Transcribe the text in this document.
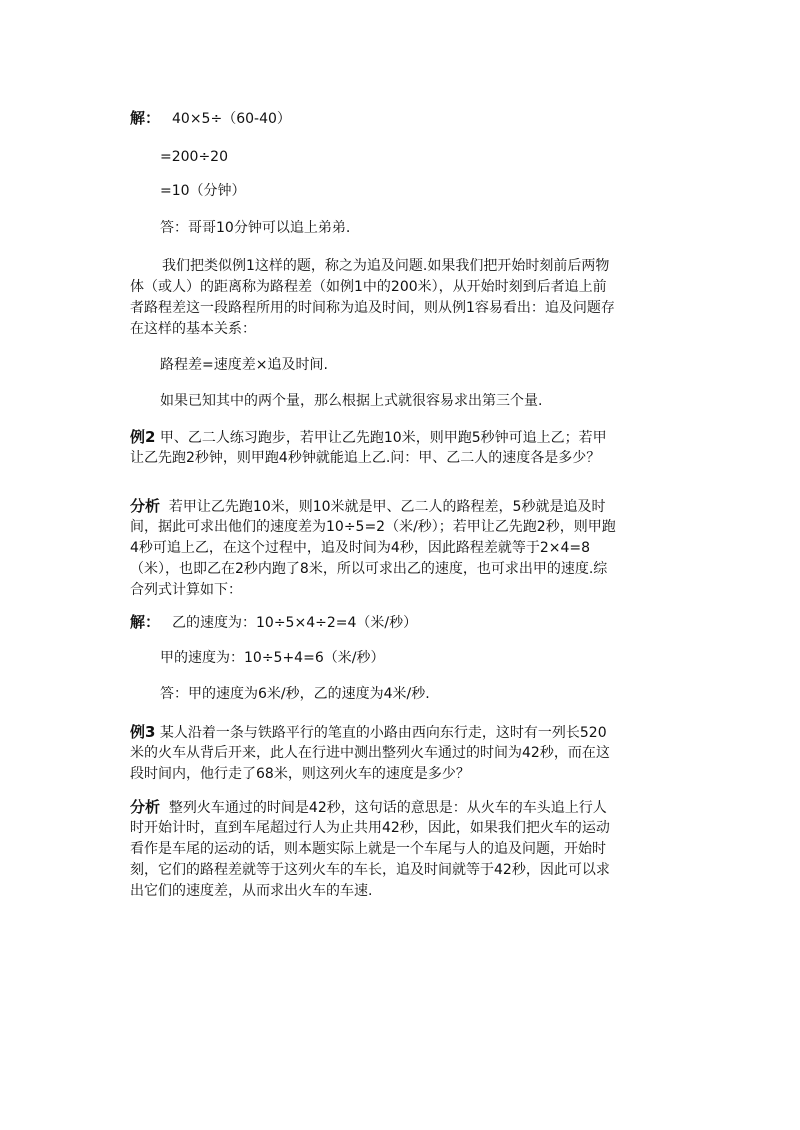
解： 40×5÷（60-40）
=200÷20
=10（分钟）
答：哥哥10分钟可以追上弟弟.
我们把类似例1这样的题，称之为追及问题.如果我们把开始时刻前后两物
体（或人）的距离称为路程差（如例1中的200米），从开始时刻到后者追上前
者路程差这一段路程所用的时间称为追及时间，则从例1容易看出：追及问题存
在这样的基本关系：
路程差=速度差×追及时间.
如果已知其中的两个量，那么根据上式就很容易求出第三个量.
例2 甲、乙二人练习跑步，若甲让乙先跑10米，则甲跑5秒钟可追上乙；若甲
让乙先跑2秒钟，则甲跑4秒钟就能追上乙.问：甲、乙二人的速度各是多少？
分析 若甲让乙先跑10米，则10米就是甲、乙二人的路程差，5秒就是追及时
间，据此可求出他们的速度差为10÷5=2（米/秒）；若甲让乙先跑2秒，则甲跑
4秒可追上乙，在这个过程中，追及时间为4秒，因此路程差就等于2×4=8
（米），也即乙在2秒内跑了8米，所以可求出乙的速度，也可求出甲的速度.综
合列式计算如下：
解： 乙的速度为：10÷5×4÷2=4（米/秒）
甲的速度为：10÷5+4=6（米/秒）
答：甲的速度为6米/秒，乙的速度为4米/秒.
例3 某人沿着一条与铁路平行的笔直的小路由西向东行走，这时有一列长520
米的火车从背后开来，此人在行进中测出整列火车通过的时间为42秒，而在这
段时间内，他行走了68米，则这列火车的速度是多少？
分析 整列火车通过的时间是42秒，这句话的意思是：从火车的车头追上行人
时开始计时，直到车尾超过行人为止共用42秒，因此，如果我们把火车的运动
看作是车尾的运动的话，则本题实际上就是一个车尾与人的追及问题，开始时
刻，它们的路程差就等于这列火车的车长，追及时间就等于42秒，因此可以求
出它们的速度差，从而求出火车的车速.
